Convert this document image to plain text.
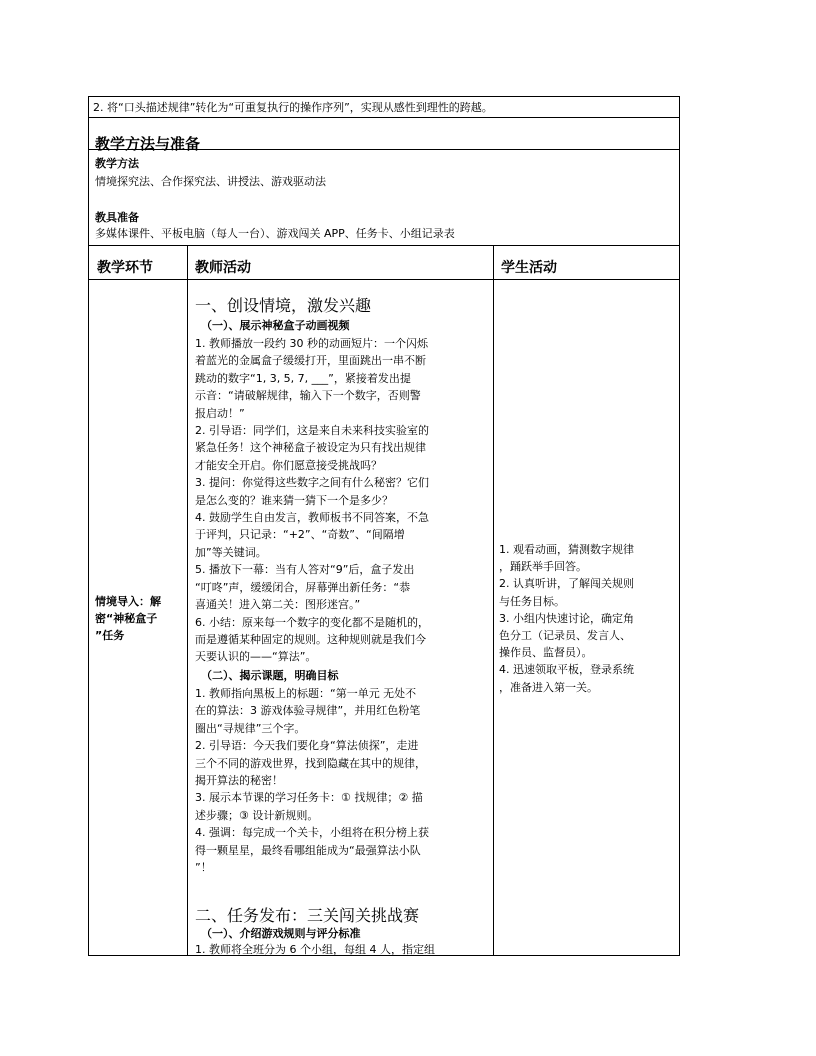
2. 将“口头描述规律”转化为“可重复执行的操作序列”，实现从感性到理性的跨越。
教学方法与准备
教学方法
情境探究法、合作探究法、讲授法、游戏驱动法
教具准备
多媒体课件、平板电脑（每人一台）、游戏闯关 APP、任务卡、小组记录表
教学环节	教师活动	学生活动
情境导入：解
密“神秘盒子
”任务
一、创设情境，激发兴趣
（一）、展示神秘盒子动画视频
1. 教师播放一段约 30 秒的动画短片：一个闪烁
着蓝光的金属盒子缓缓打开，里面跳出一串不断
跳动的数字“1, 3, 5, 7, ___”，紧接着发出提
示音：“请破解规律，输入下一个数字，否则警
报启动！”
2. 引导语：同学们，这是来自未来科技实验室的
紧急任务！这个神秘盒子被设定为只有找出规律
才能安全开启。你们愿意接受挑战吗？
3. 提问：你觉得这些数字之间有什么秘密？它们
是怎么变的？谁来猜一猜下一个是多少？
4. 鼓励学生自由发言，教师板书不同答案，不急
于评判，只记录：“+2”、“奇数”、“间隔增
加”等关键词。
5. 播放下一幕：当有人答对“9”后，盒子发出
“叮咚”声，缓缓闭合，屏幕弹出新任务：“恭
喜通关！进入第二关：图形迷宫。”
6. 小结：原来每一个数字的变化都不是随机的，
而是遵循某种固定的规则。这种规则就是我们今
天要认识的——“算法”。
（二）、揭示课题，明确目标
1. 教师指向黑板上的标题：“第一单元 无处不
在的算法：3 游戏体验寻规律”，并用红色粉笔
圈出“寻规律”三个字。
2. 引导语：今天我们要化身“算法侦探”，走进
三个不同的游戏世界，找到隐藏在其中的规律，
揭开算法的秘密！
3. 展示本节课的学习任务卡：① 找规律；② 描
述步骤；③ 设计新规则。
4. 强调：每完成一个关卡，小组将在积分榜上获
得一颗星星，最终看哪组能成为“最强算法小队
”！
二、任务发布：三关闯关挑战赛
（一）、介绍游戏规则与评分标准
1. 教师将全班分为 6 个小组，每组 4 人，指定组
1. 观看动画，猜测数字规律
，踊跃举手回答。
2. 认真听讲，了解闯关规则
与任务目标。
3. 小组内快速讨论，确定角
色分工（记录员、发言人、
操作员、监督员）。
4. 迅速领取平板，登录系统
，准备进入第一关。
